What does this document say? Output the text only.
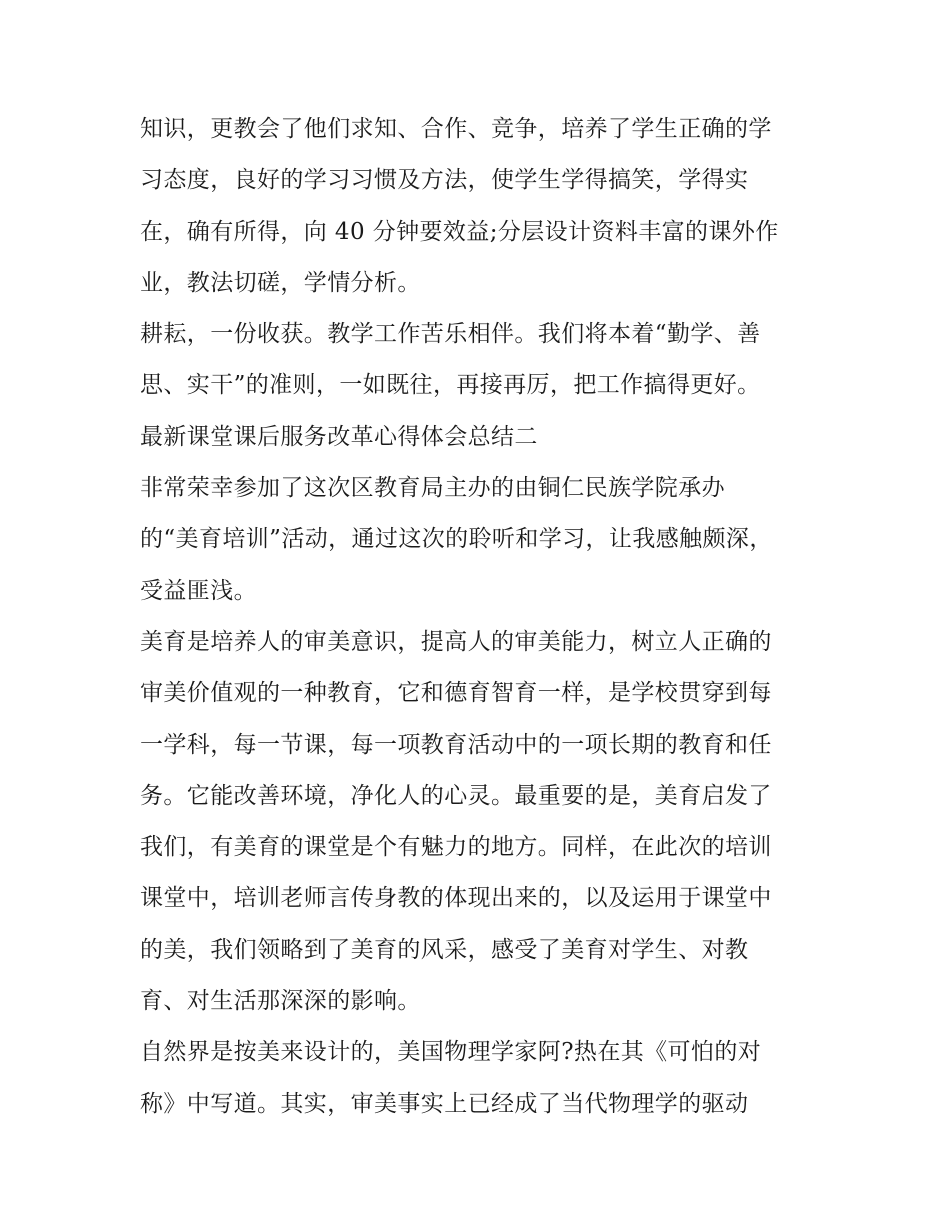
知识，更教会了他们求知、合作、竞争，培养了学生正确的学
习态度，良好的学习习惯及方法，使学生学得搞笑，学得实
在，确有所得，向 40 分钟要效益;分层设计资料丰富的课外作
业，教法切磋，学情分析。
耕耘，一份收获。教学工作苦乐相伴。我们将本着“勤学、善
思、实干”的准则，一如既往，再接再厉，把工作搞得更好。
最新课堂课后服务改革心得体会总结二
非常荣幸参加了这次区教育局主办的由铜仁民族学院承办
的“美育培训”活动，通过这次的聆听和学习，让我感触颇深，
受益匪浅。
美育是培养人的审美意识，提高人的审美能力，树立人正确的
审美价值观的一种教育，它和德育智育一样，是学校贯穿到每
一学科，每一节课，每一项教育活动中的一项长期的教育和任
务。它能改善环境，净化人的心灵。最重要的是，美育启发了
我们，有美育的课堂是个有魅力的地方。同样，在此次的培训
课堂中，培训老师言传身教的体现出来的，以及运用于课堂中
的美，我们领略到了美育的风采，感受了美育对学生、对教
育、对生活那深深的影响。
自然界是按美来设计的，美国物理学家阿?热在其《可怕的对
称》中写道。其实，审美事实上已经成了当代物理学的驱动
